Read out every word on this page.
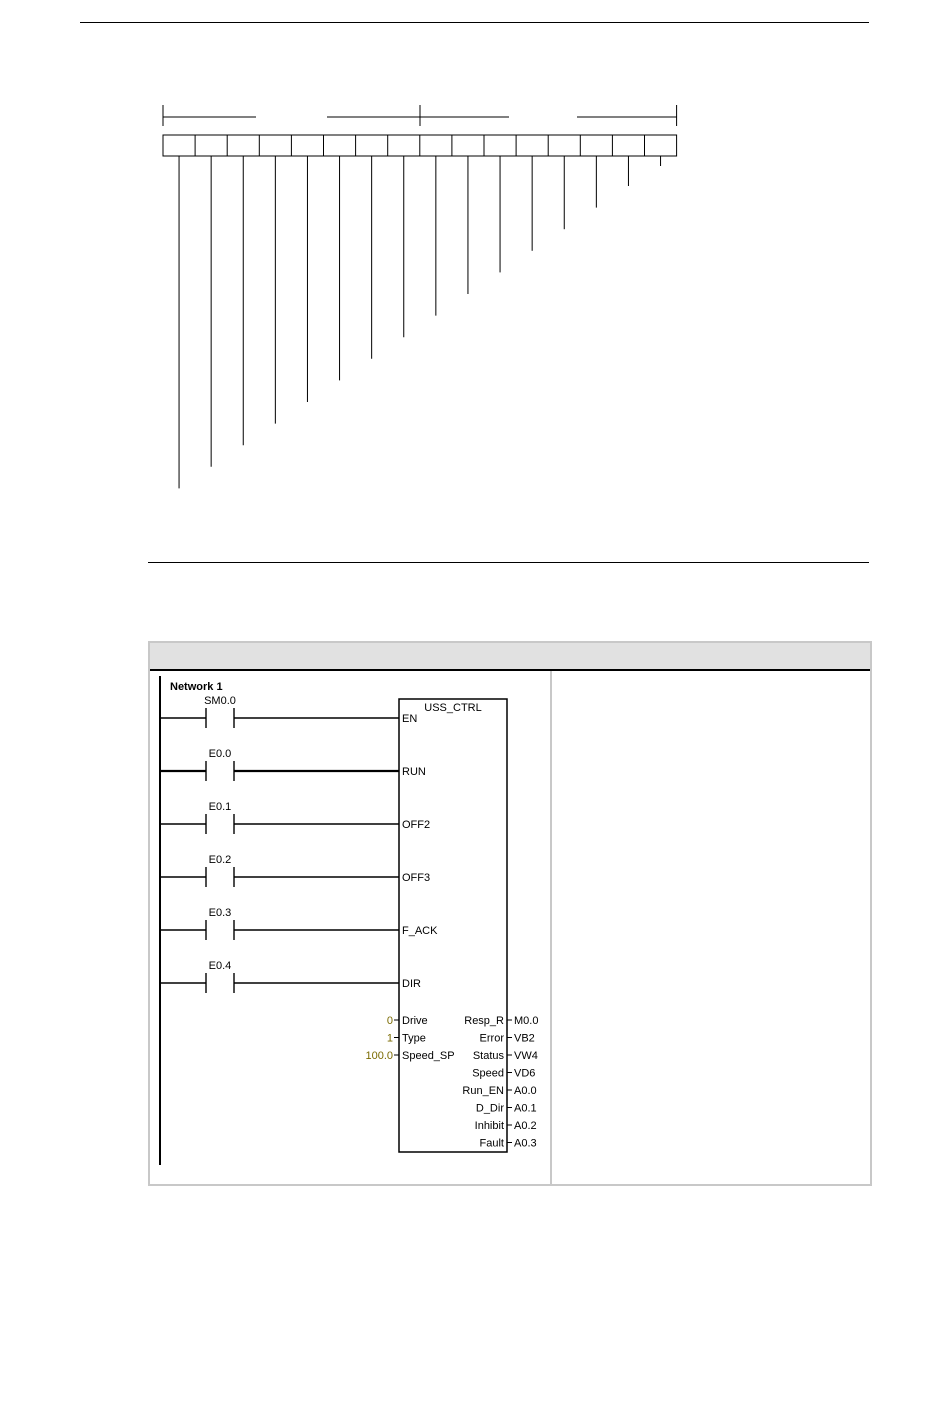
Network 1
USS_CTRL
SM0.0
EN
E0.0
RUN
E0.1
OFF2
E0.2
OFF3
E0.3
F_ACK
E0.4
DIR
0 Drive
1 Type
100.0 Speed_SP
Resp_R M0.0
Error VB2
Status VW4
Speed VD6
Run_EN A0.0
D_Dir A0.1
Inhibit A0.2
Fault A0.3
